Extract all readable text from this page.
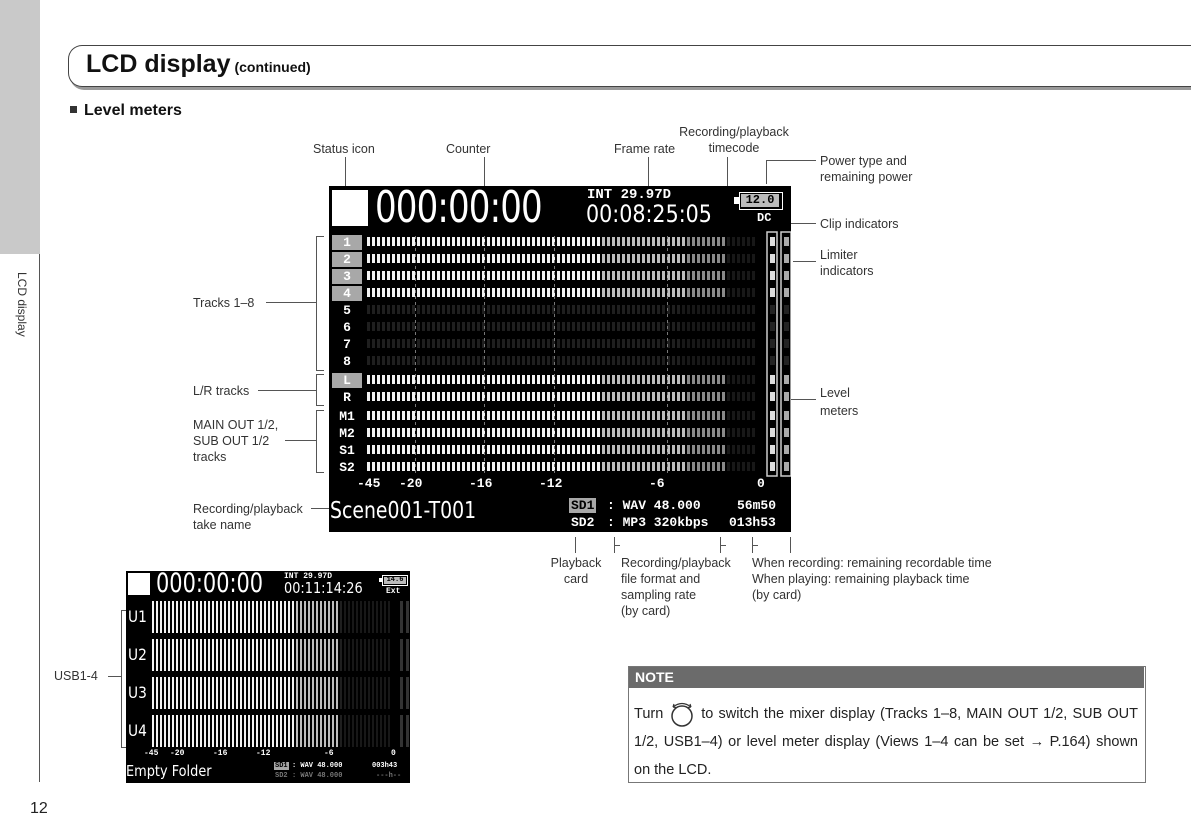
LCD display
12
LCD display (continued)
Level meters
Status icon	Counter	Frame rate
Recording/playback
timecode
Power type and
remaining power
Clip indicators
Limiter
indicators
Tracks 1–8
L/R tracks
MAIN OUT 1/2,
SUB OUT 1/2
tracks
Recording/playback
take name
Level
meters
Playback
card
Recording/playback
file format and
sampling rate
(by card)
When recording: remaining recordable time
When playing: remaining playback time
(by card)
USB1-4
000:00:00	INT 29.97D
00:08:25:05	12.0
DC
1
2
3
4
5
6
7
8
L
R
M1
M2
S1
S2
-45 -20	-16	-12	-6	0
Scene001-T001	SD1 : WAV 48.000	56m50
SD2 : MP3 320kbps 013h53
000:00:00	INT 29.97D
00:11:14:26	14.6
Ext
U1
U2
U3
U4
-45 -20	-16	-12	-6	0
Empty Folder	SD1 : WAV 48.000	003h43
SD2 : WAV 48.000	---h--
NOTE
Turn	to switch the mixer display (Tracks 1–8, MAIN OUT 1/2, SUB OUT 1/2, USB1–4) or level meter display (Views 1–4 can be set → P.164) shown on the LCD.
